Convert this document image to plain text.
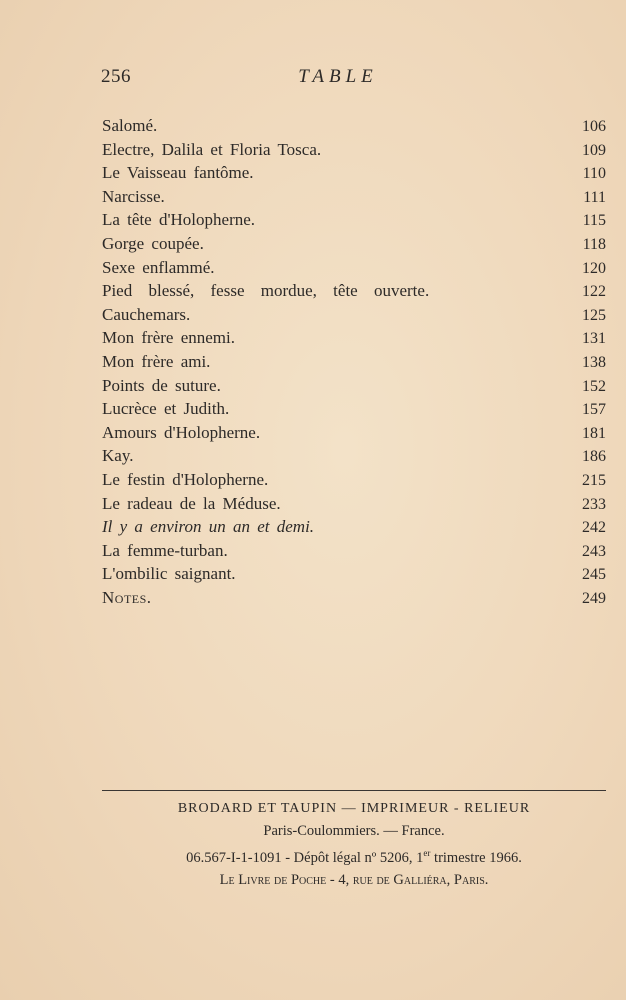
256	TABLE
Salomé.	106
Electre, Dalila et Floria Tosca.	109
Le Vaisseau fantôme.	110
Narcisse.	111
La tête d'Holopherne.	115
Gorge coupée.	118
Sexe enflammé.	120
Pied blessé, fesse mordue, tête ouverte.	122
Cauchemars.	125
Mon frère ennemi.	131
Mon frère ami.	138
Points de suture.	152
Lucrèce et Judith.	157
Amours d'Holopherne.	181
Kay.	186
Le festin d'Holopherne.	215
Le radeau de la Méduse.	233
Il y a environ un an et demi.	242
La femme-turban.	243
L'ombilic saignant.	245
Notes.	249
BRODARD ET TAUPIN — IMPRIMEUR - RELIEUR
Paris-Coulommiers. — France.
06.567-I-1-1091 - Dépôt légal nº 5206, 1er trimestre 1966.
Le Livre de Poche - 4, rue de Galliéra, Paris.
